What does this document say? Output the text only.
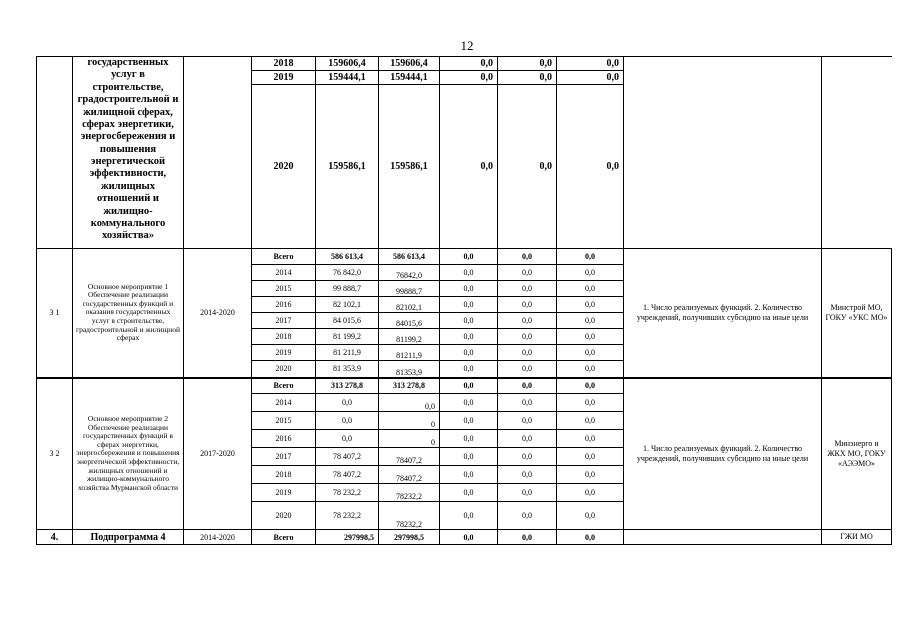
12
	государственных услуг в строительстве, градостроительной и жилищной сферах, сферах энергетики, энергосбережения и повышения энергетической эффективности, жилищных отношений и жилищно-коммунального хозяйства»		2018	159606,4	159606,4	0,0	0,0	0,0		
			2019	159444,1	159444,1	0,0	0,0	0,0		
			2020	159586,1	159586,1	0,0	0,0	0,0		
3 1	Основное мероприятие 1 Обеспечение реализации государственных функций и оказания государственных услуг в строительстве, градостроительной и жилищной сферах	2014-2020	Всего	586 613,4	586 613,4	0,0	0,0	0,0	1. Число реализуемых функций. 2. Количество учреждений, получивших субсидию на иные цели	Минстрой МО, ГОКУ «УКС МО»
			2014	76 842,0	76842,0	0,0	0,0	0,0		
			2015	99 888,7	99888,7	0,0	0,0	0,0		
			2016	82 102,1	82102,1	0,0	0,0	0,0		
			2017	84 015,6	84015,6	0,0	0,0	0,0		
			2018	81 199,2	81199,2	0,0	0,0	0,0		
			2019	81 211,9	81211,9	0,0	0,0	0,0		
			2020	81 353,9	81353,9	0,0	0,0	0,0		
3 2	Основное мероприятие 2 Обеспечение реализации государственных функций в сферах энергетики, энергосбережения и повышения энергетической эффективности, жилищных отношений и жилищно-коммунального хозяйства Мурманской области	2017-2020	Всего	313 278,8	313 278,8	0,0	0,0	0,0	1. Число реализуемых функций. 2. Количество учреждений, получивших субсидию на иные цели	Минэнерго и ЖКХ МО, ГОКУ «АЭЭМО»
			2014	0,0	0,0	0,0	0,0	0,0		
			2015	0,0	0	0,0	0,0	0,0		
			2016	0,0	0	0,0	0,0	0,0		
			2017	78 407,2	78407,2	0,0	0,0	0,0		
			2018	78 407,2	78407,2	0,0	0,0	0,0		
			2019	78 232,2	78232,2	0,0	0,0	0,0		
			2020	78 232,2	78232,2	0,0	0,0	0,0		
4.	Подпрограмма 4	2014-2020	Всего	297998,5	297998,5	0,0	0,0	0,0		ГЖИ МО
